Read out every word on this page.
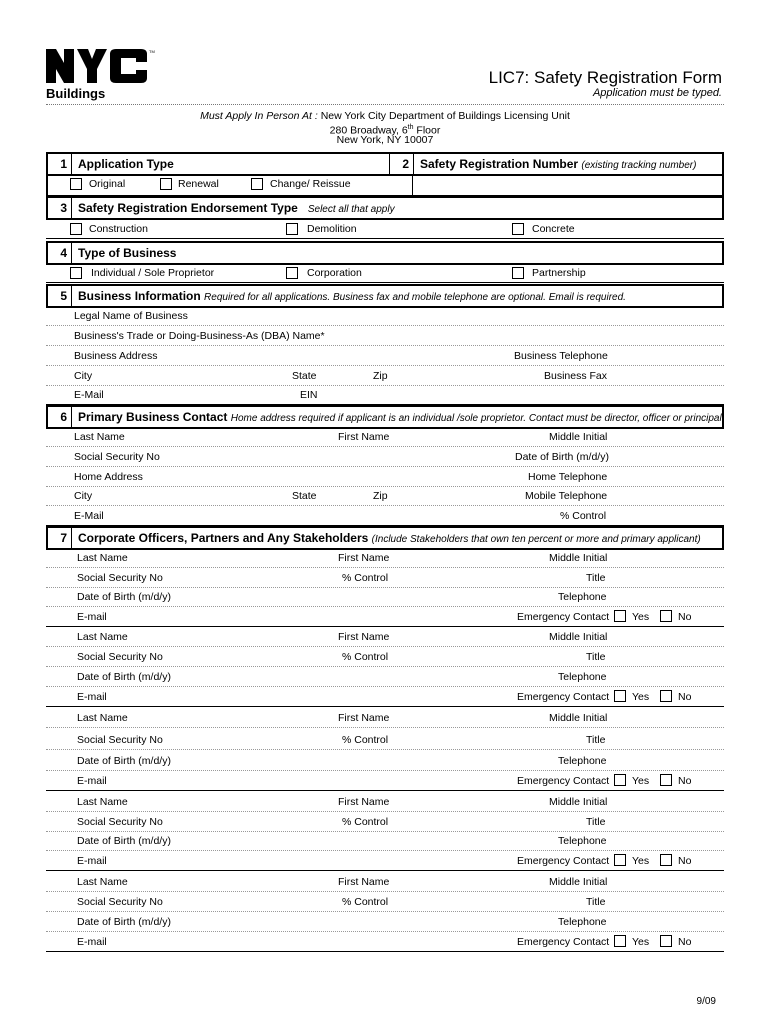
TM
Buildings
LIC7: Safety Registration Form
Application must be typed.
Must Apply In Person At : New York City Department of Buildings Licensing Unit
280 Broadway, 6th Floor
New York, NY 10007
1 Application Type	2 Safety Registration Number (existing tracking number)
Original	Renewal	Change/ Reissue
3 Safety Registration Endorsement Type Select all that apply
Construction	Demolition	Concrete
4 Type of Business
Individual / Sole Proprietor	Corporation	Partnership
5 Business Information Required for all applications. Business fax and mobile telephone are optional. Email is required.
Legal Name of Business
Business's Trade or Doing-Business-As (DBA) Name*
Business Address	Business Telephone
City	State	Zip	Business Fax
E-Mail	EIN
6 Primary Business Contact Home address required if applicant is an individual /sole proprietor. Contact must be director, officer or principal.
Last Name	First Name	Middle Initial
Social Security No	Date of Birth (m/d/y)
Home Address	Home Telephone
City	State	Zip	Mobile Telephone
E-Mail	% Control
7 Corporate Officers, Partners and Any Stakeholders (Include Stakeholders that own ten percent or more and primary applicant)
Last Name	First Name	Middle Initial
Social Security No	% Control	Title
Date of Birth (m/d/y)	Telephone
E-mail	Emergency Contact Yes	No
Last Name	First Name	Middle Initial
Social Security No	% Control	Title
Date of Birth (m/d/y)	Telephone
E-mail	Emergency Contact Yes	No
Last Name	First Name	Middle Initial
Social Security No	% Control	Title
Date of Birth (m/d/y)	Telephone
E-mail	Emergency Contact Yes	No
Last Name	First Name	Middle Initial
Social Security No	% Control	Title
Date of Birth (m/d/y)	Telephone
E-mail	Emergency Contact Yes	No
Last Name	First Name	Middle Initial
Social Security No	% Control	Title
Date of Birth (m/d/y)	Telephone
E-mail	Emergency Contact Yes	No
9/09
